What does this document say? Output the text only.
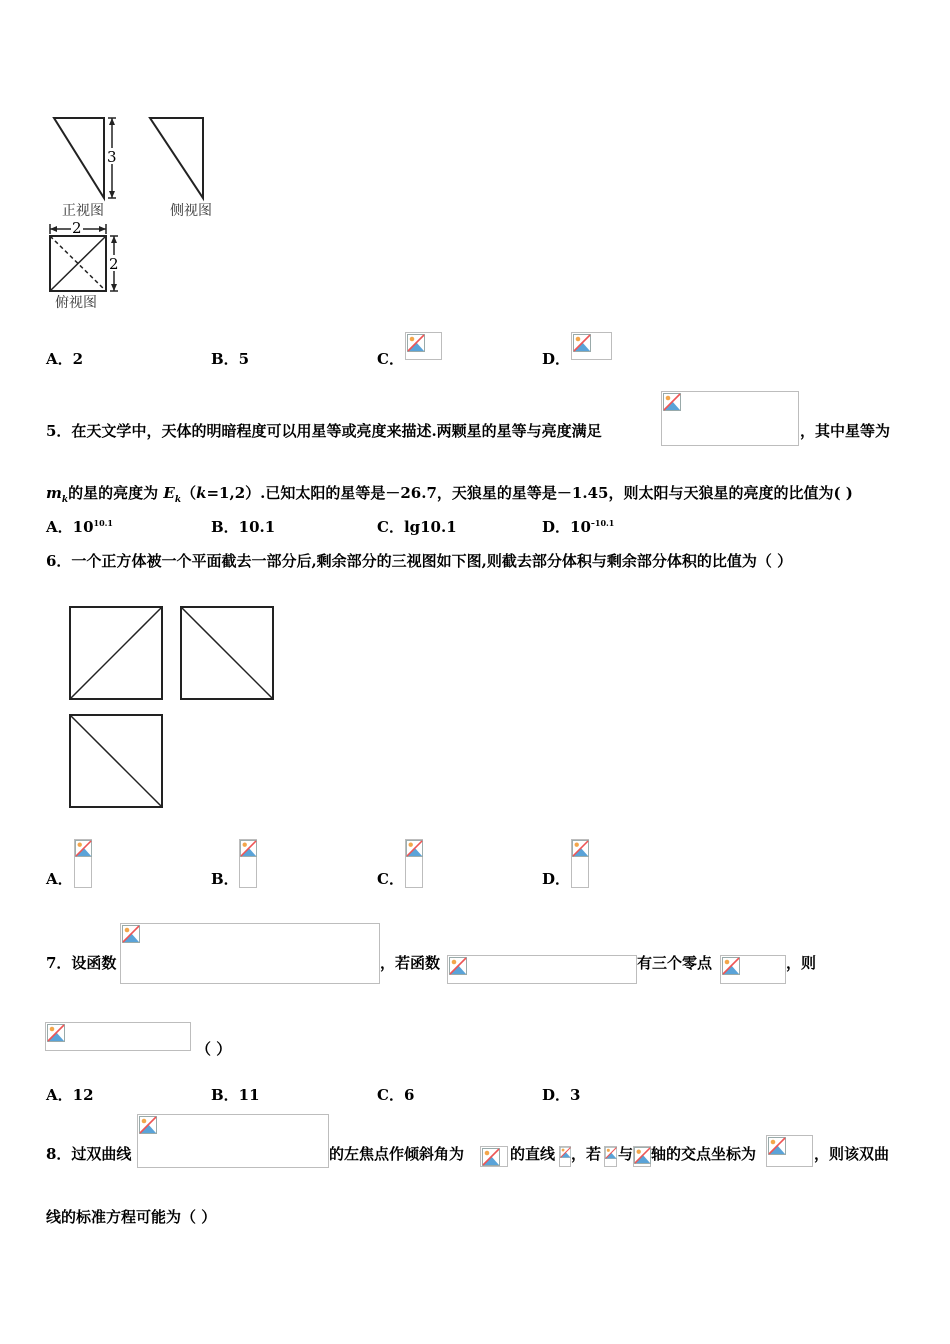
3
正视图	侧视图
2
2
俯视图
A．2	B．5	C．	D．
5．在天文学中，天体的明暗程度可以用星等或亮度来描述.两颗星的星等与亮度满足	，其中星等为
$m_k$的星的亮度为 $E_k(k=1,2)$.已知太阳的星等是－26.7，天狼星的星等是－1.45，则太阳与天狼星的亮度的比值为( )
A．$10^{10.1}$	B．10.1	C．lg10.1	D．$10^{-10.1}$
6．一个正方体被一个平面截去一部分后,剩余部分的三视图如下图,则截去部分体积与剩余部分体积的比值为（ ）
A．	B．	C．	D．
7．设函数	，若函数	有三个零点	，则
（ ）
A．12	B．11	C．6	D．3
8．过双曲线	的左焦点作倾斜角为	的直线 ，若 与 轴的交点坐标为	，则该双曲
线的标准方程可能为（ ）
